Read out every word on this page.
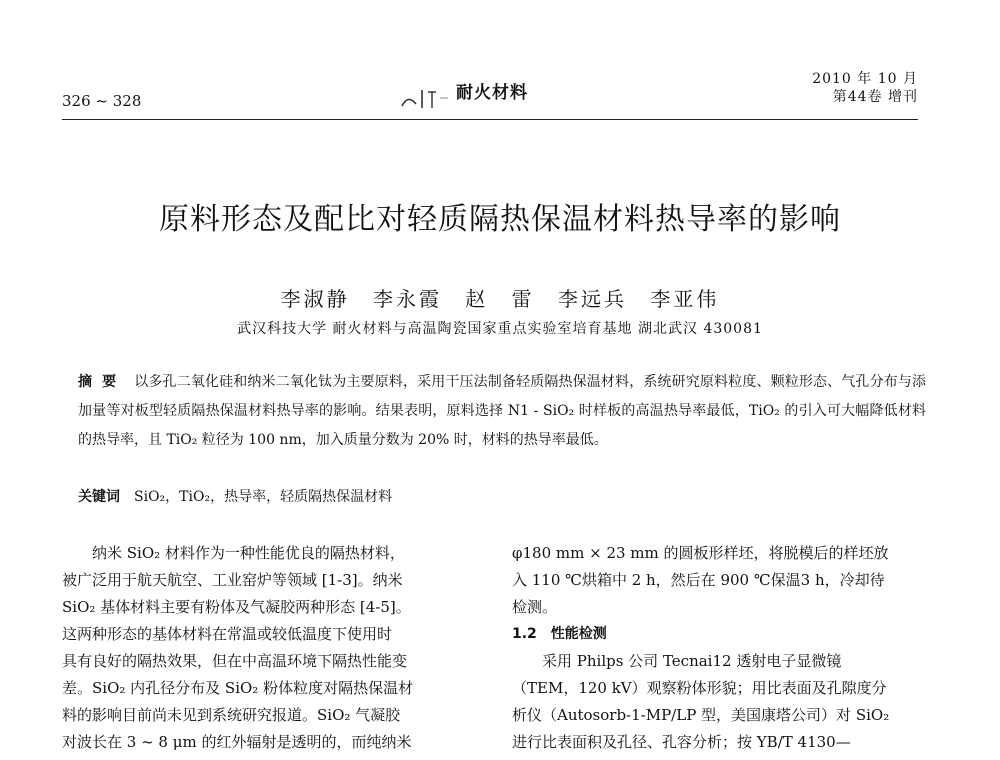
326 ~ 328	耐火材料
2010 年 10 月
第44卷 增刊
原料形态及配比对轻质隔热保温材料热导率的影响
李淑静 李永霞 赵 雷 李远兵 李亚伟
武汉科技大学 耐火材料与高温陶瓷国家重点实验室培育基地 湖北武汉 430081
摘要 以多孔二氧化硅和纳米二氧化钛为主要原料，采用干压法制备轻质隔热保温材料，系统研究原料粒度、颗粒形态、气孔分布与添加量等对板型轻质隔热保温材料热导率的影响。结果表明，原料选择 N1 - SiO₂ 时样板的高温热导率最低，TiO₂ 的引入可大幅降低材料的热导率，且 TiO₂ 粒径为 100 nm，加入质量分数为 20% 时，材料的热导率最低。
关键词 SiO₂，TiO₂，热导率，轻质隔热保温材料
　　纳米 SiO₂ 材料作为一种性能优良的隔热材料，
被广泛用于航天航空、工业窑炉等领域 [1-3]。纳米
SiO₂ 基体材料主要有粉体及气凝胶两种形态 [4-5]。
这两种形态的基体材料在常温或较低温度下使用时
具有良好的隔热效果，但在中高温环境下隔热性能变
差。SiO₂ 内孔径分布及 SiO₂ 粉体粒度对隔热保温材
料的影响目前尚未见到系统研究报道。SiO₂ 气凝胶
对波长在 3 ~ 8 μm 的红外辐射是透明的，而纯纳米
φ180 mm × 23 mm 的圆板形样坯，将脱模后的样坯放
入 110 ℃烘箱中 2 h，然后在 900 ℃保温3 h，冷却待
检测。
1.2　性能检测
　　采用 Philps 公司 Tecnai12 透射电子显微镜
（TEM，120 kV）观察粉体形貌；用比表面及孔隙度分
析仪（Autosorb-1-MP/LP 型，美国康塔公司）对 SiO₂
进行比表面积及孔径、孔容分析；按 YB/T 4130—
